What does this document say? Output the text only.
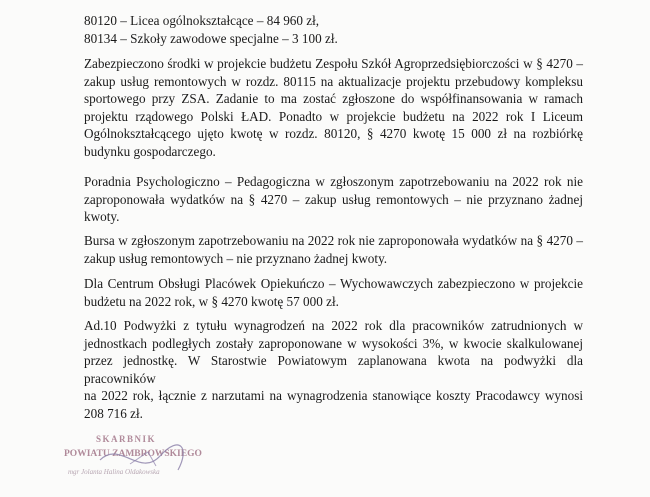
80120 – Licea ogólnokształcące – 84 960 zł,
80134 – Szkoły zawodowe specjalne – 3 100 zł.
Zabezpieczono środki w projekcie budżetu Zespołu Szkół Agroprzedsiębiorczości w § 4270 –
zakup usług remontowych w rozdz. 80115 na aktualizacje projektu przebudowy kompleksu
sportowego przy ZSA. Zadanie to ma zostać zgłoszone do współfinansowania w ramach
projektu rządowego Polski ŁAD. Ponadto w projekcie budżetu na 2022 rok I Liceum
Ogólnokształcącego ujęto kwotę w rozdz. 80120, § 4270 kwotę 15 000 zł na rozbiórkę
budynku gospodarczego.
Poradnia Psychologiczno – Pedagogiczna w zgłoszonym zapotrzebowaniu na 2022 rok nie
zaproponowała wydatków na § 4270 – zakup usług remontowych – nie przyznano żadnej
kwoty.
Bursa w zgłoszonym zapotrzebowaniu na 2022 rok nie zaproponowała wydatków na § 4270 –
zakup usług remontowych – nie przyznano żadnej kwoty.
Dla Centrum Obsługi Placówek Opiekuńczo – Wychowawczych zabezpieczono w projekcie
budżetu na 2022 rok, w § 4270 kwotę 57 000 zł.
Ad.10 Podwyżki z tytułu wynagrodzeń na 2022 rok dla pracowników zatrudnionych w
jednostkach podległych zostały zaproponowane w wysokości 3%, w kwocie skalkulowanej
przez jednostkę. W Starostwie Powiatowym zaplanowana kwota na podwyżki dla pracowników
na 2022 rok, łącznie z narzutami na wynagrodzenia stanowiące koszty Pracodawcy wynosi
208 716 zł.
SKARBNIK
POWIATU ZAMBROWSKIEGO
mgr Jolanta Halina Oldakowska
